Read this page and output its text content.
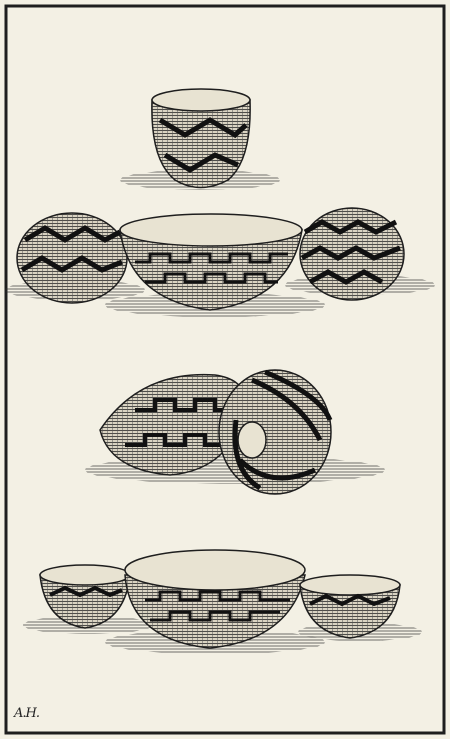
A.H.
